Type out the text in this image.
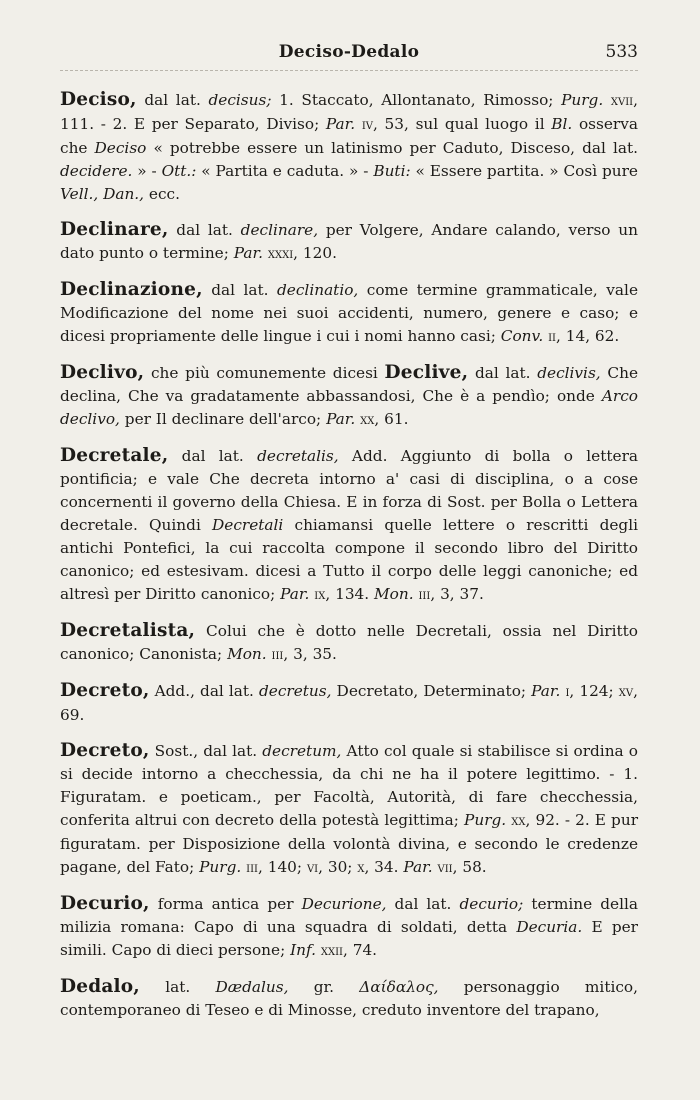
Deciso-Dedalo	533

Deciso, dal lat. decisus; 1. Staccato, Allontanato, Rimosso; Purg. xvii, 111. - 2. E per Separato, Diviso; Par. iv, 53, sul qual luogo il Bl. osserva che Deciso « potrebbe essere un latinismo per Caduto, Disceso, dal lat. decidere. » - Ott.: « Partita e caduta. » - Buti: « Essere partita. » Così pure Vell., Dan., ecc.

Declinare, dal lat. declinare, per Volgere, Andare calando, verso un dato punto o termine; Par. xxxi, 120.

Declinazione, dal lat. declinatio, come termine grammaticale, vale Modificazione del nome nei suoi accidenti, numero, genere e caso; e dicesi propriamente delle lingue i cui i nomi hanno casi; Conv. ii, 14, 62.

Declivo, che più comunemente dicesi Declive, dal lat. declivis, Che declina, Che va gradatamente abbassandosi, Che è a pendìo; onde Arco declivo, per Il declinare dell'arco; Par. xx, 61.

Decretale, dal lat. decretalis, Add. Aggiunto di bolla o lettera pontificia; e vale Che decreta intorno a' casi di disciplina, o a cose concernenti il governo della Chiesa. E in forza di Sost. per Bolla o Lettera decretale. Quindi Decretali chiamansi quelle lettere o rescritti degli antichi Pontefici, la cui raccolta compone il secondo libro del Diritto canonico; ed estesivam. dicesi a Tutto il corpo delle leggi canoniche; ed altresì per Diritto canonico; Par. ix, 134. Mon. iii, 3, 37.

Decretalista, Colui che è dotto nelle Decretali, ossia nel Diritto canonico; Canonista; Mon. iii, 3, 35.

Decreto, Add., dal lat. decretus, Decretato, Determinato; Par. i, 124; xv, 69.

Decreto, Sost., dal lat. decretum, Atto col quale si stabilisce si ordina o si decide intorno a checchessia, da chi ne ha il potere legittimo. - 1. Figuratam. e poeticam., per Facoltà, Autorità, di fare checchessia, conferita altrui con decreto della potestà legittima; Purg. xx, 92. - 2. E pur figuratam. per Disposizione della volontà divina, e secondo le credenze pagane, del Fato; Purg. iii, 140; vi, 30; x, 34. Par. vii, 58.

Decurio, forma antica per Decurione, dal lat. decurio; termine della milizia romana: Capo di una squadra di soldati, detta Decuria. E per simili. Capo di dieci persone; Inf. xxii, 74.

Dedalo, lat. Dædalus, gr. Δαίδαλος, personaggio mitico, contemporaneo di Teseo e di Minosse, creduto inventore del trapano,
